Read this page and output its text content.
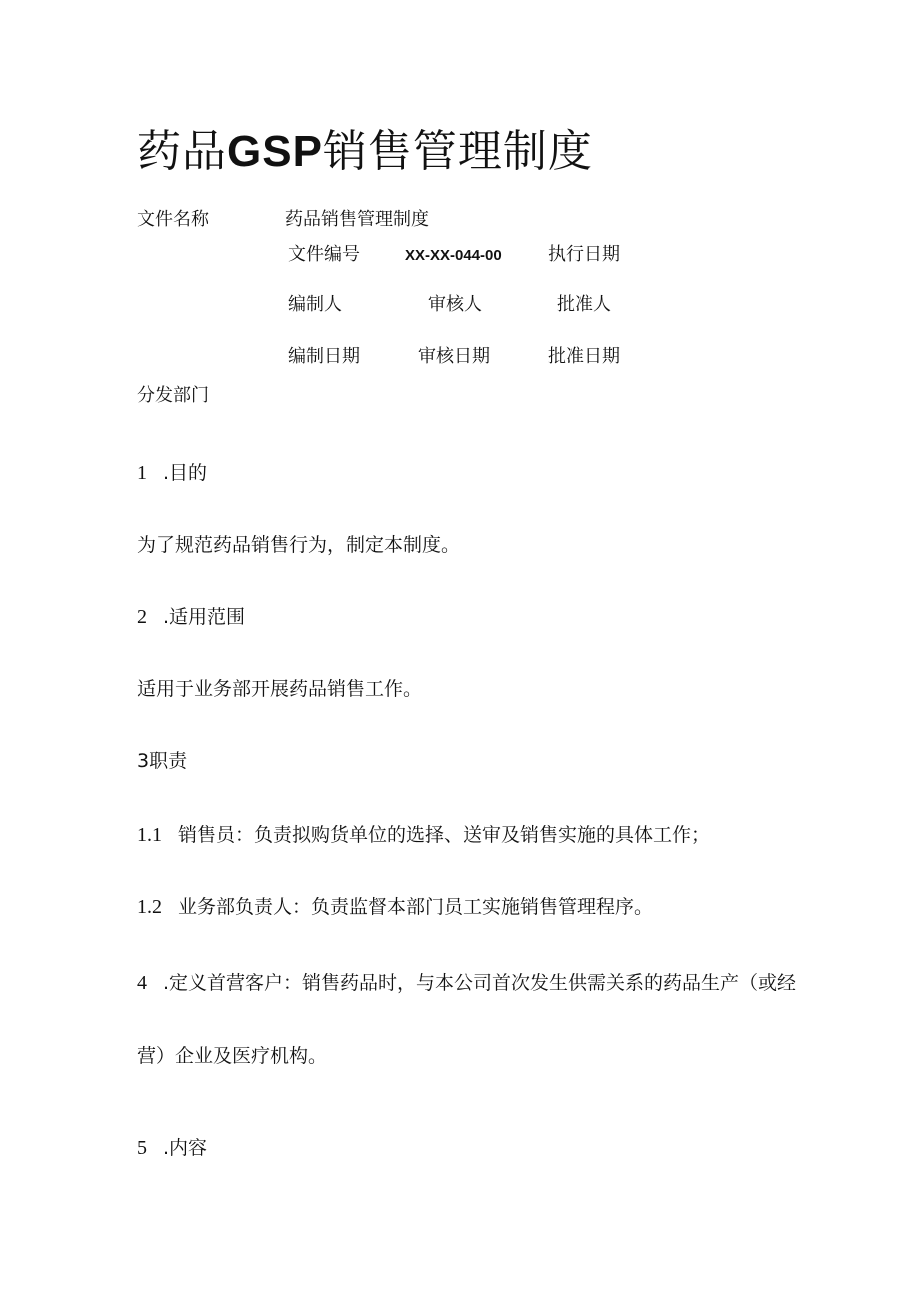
药品GSP销售管理制度
文件名称	药品销售管理制度
文件编号	XX-XX-044-00	执行日期
编制人	审核人	批准人
编制日期	审核日期	批准日期
分发部门
1 .目的
为了规范药品销售行为，制定本制度。
2 .适用范围
适用于业务部开展药品销售工作。
3职责
1.1 销售员：负责拟购货单位的选择、送审及销售实施的具体工作；
1.2 业务部负责人：负责监督本部门员工实施销售管理程序。
4 .定义首营客户：销售药品时，与本公司首次发生供需关系的药品生产（或经
营）企业及医疗机构。
5 .内容
